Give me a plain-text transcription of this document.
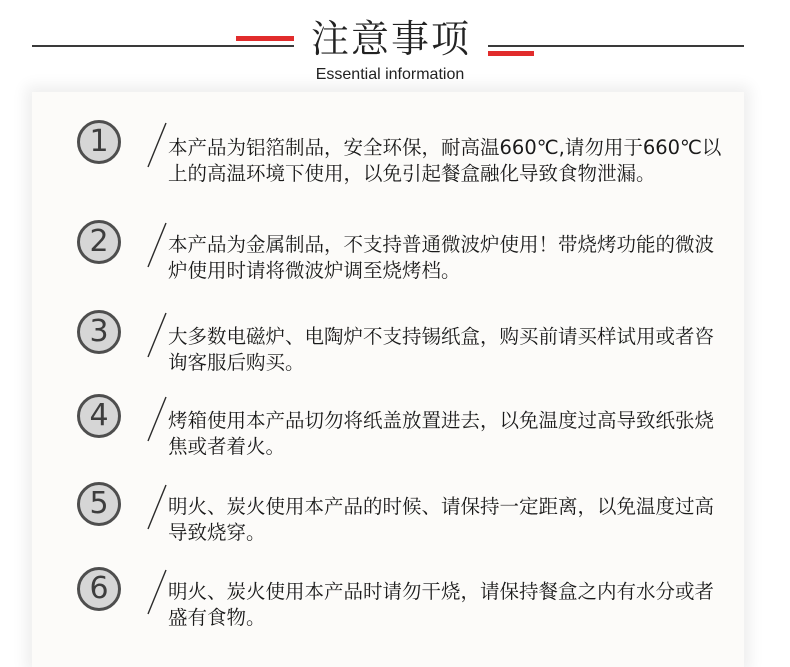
注意事项
Essential information
1	本产品为铝箔制品，安全环保，耐高温660℃,请勿用于660℃以上的高温环境下使用，以免引起餐盒融化导致食物泄漏。
2	本产品为金属制品，不支持普通微波炉使用！带烧烤功能的微波炉使用时请将微波炉调至烧烤档。
3	大多数电磁炉、电陶炉不支持锡纸盒，购买前请买样试用或者咨询客服后购买。
4	烤箱使用本产品切勿将纸盖放置进去，以免温度过高导致纸张烧焦或者着火。
5	明火、炭火使用本产品的时候、请保持一定距离，以免温度过高导致烧穿。
6	明火、炭火使用本产品时请勿干烧，请保持餐盒之内有水分或者盛有食物。
